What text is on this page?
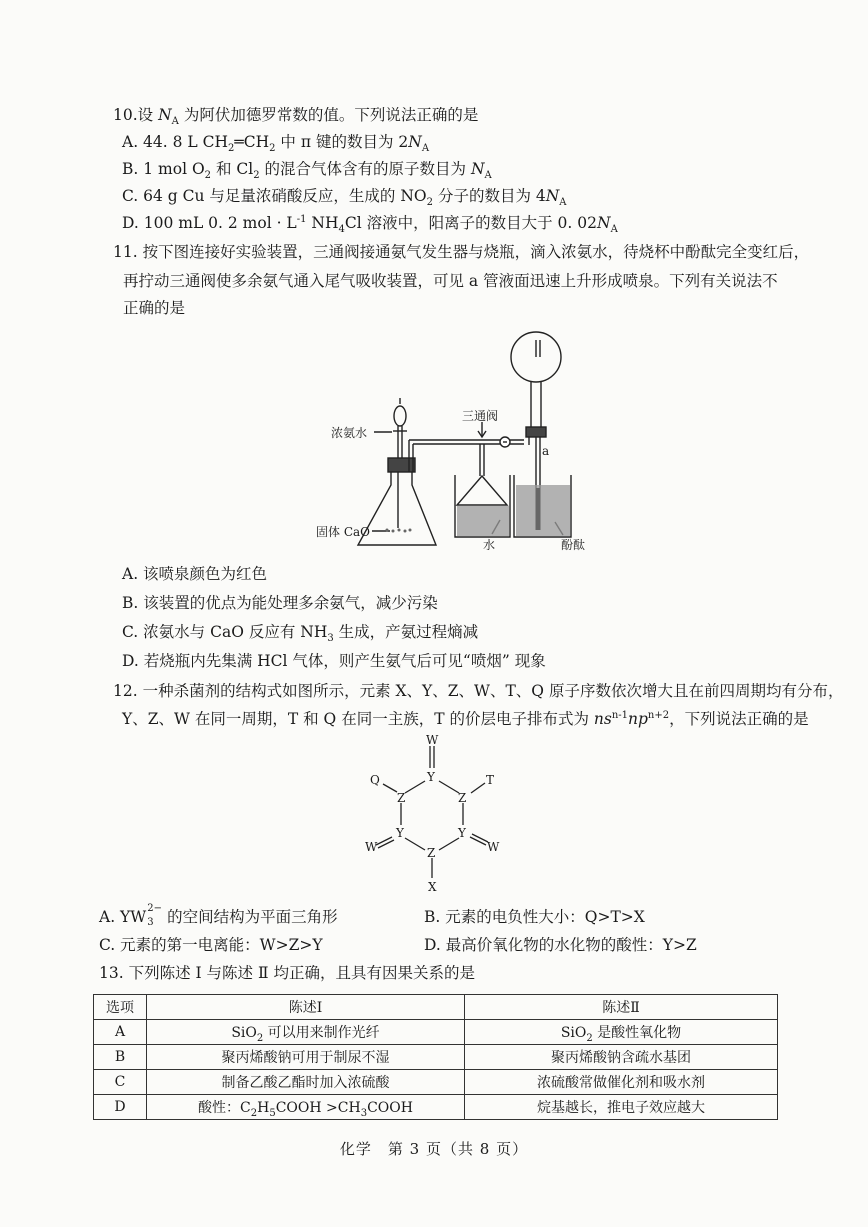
10.设 $N_A$ 为阿伏加德罗常数的值。下列说法正确的是
A. 44. 8 L $CH_2═CH_2$ 中 π 键的数目为 $2N_A$
B. 1 mol $O_2$ 和 $Cl_2$ 的混合气体含有的原子数目为 $N_A$
C. 64 g Cu 与足量浓硝酸反应，生成的 $NO_2$ 分子的数目为 $4N_A$
D. 100 mL 0. 2 mol · $L^{-1}$ $NH_4Cl$ 溶液中，阳离子的数目大于 0. $02N_A$
11. 按下图连接好实验装置，三通阀接通氨气发生器与烧瓶，滴入浓氨水，待烧杯中酚酞完全变红后，
再拧动三通阀使多余氨气通入尾气吸收装置，可见 a 管液面迅速上升形成喷泉。下列有关说法不
正确的是
浓氨水
三通阀
固体 CaO
a
水	酚酞
A. 该喷泉颜色为红色
B. 该装置的优点为能处理多余氨气，减少污染
C. 浓氨水与 CaO 反应有 $NH_3$ 生成，产氨过程熵减
D. 若烧瓶内先集满 HCl 气体，则产生氨气后可见“喷烟” 现象
12. 一种杀菌剂的结构式如图所示，元素 X、Y、Z、W、T、Q 原子序数依次增大且在前四周期均有分布，
Y、Z、W 在同一周期，T 和 Q 在同一主族，T 的价层电子排布式为 $ns^{n-1}np^{n+2}$，下列说法正确的是
W
Y
Q	T
Z	Z
Y	Y
W	W
Z
X
A. YW 2−
3 的空间结构为平面三角形	B. 元素的电负性大小：Q>T>X
C. 元素的第一电离能：W>Z>Y	D. 最高价氧化物的水化物的酸性：Y>Z
13. 下列陈述 Ⅰ 与陈述 Ⅱ 均正确，且具有因果关系的是
选项	陈述Ⅰ	陈述Ⅱ
A	SiO$_2$ 可以用来制作光纤	SiO$_2$ 是酸性氧化物
B	聚丙烯酸钠可用于制尿不湿	聚丙烯酸钠含疏水基团
C	制备乙酸乙酯时加入浓硫酸	浓硫酸常做催化剂和吸水剂
D	酸性：$C_2H_5COOH$ $>CH_3COOH$	烷基越长，推电子效应越大
化学　第 3 页（共 8 页）
